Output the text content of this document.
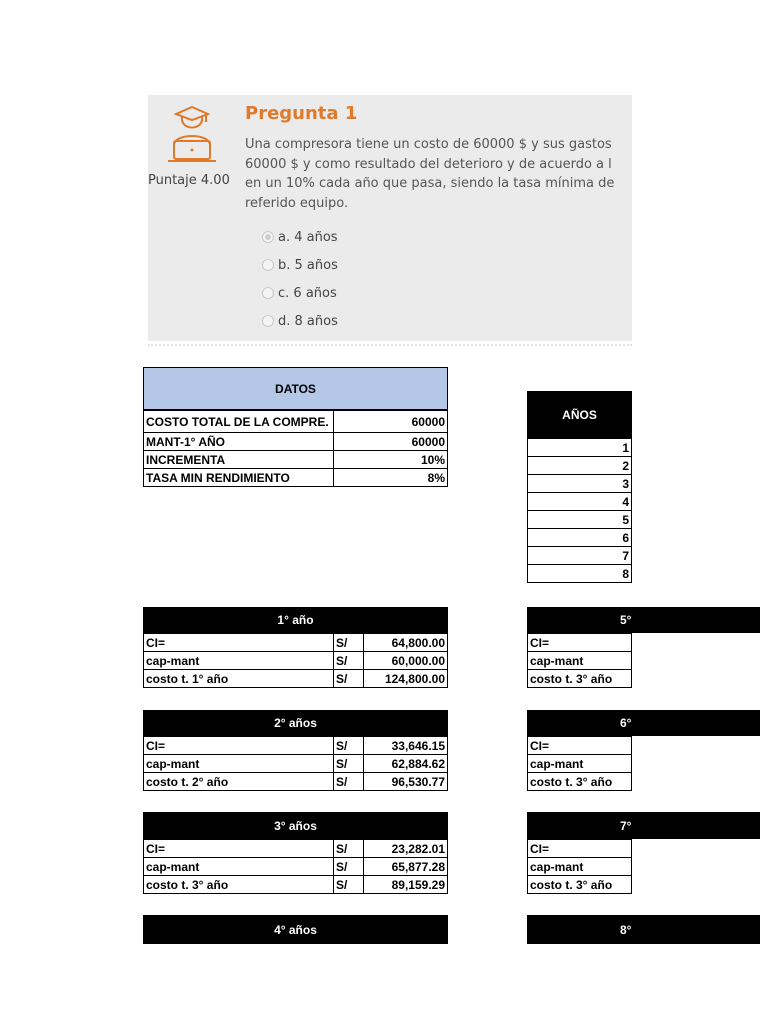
Puntaje 4.00
Pregunta 1
Una compresora tiene un costo de 60000 $ y sus gastos
60000 $ y como resultado del deterioro y de acuerdo a l
en un 10% cada año que pasa, siendo la tasa mínima de
referido equipo.
a. 4 años
b. 5 años
c. 6 años
d. 8 años
DATOS
COSTO TOTAL DE LA COMPRE.	60000
MANT-1° AÑO	60000
INCREMENTA	10%
TASA MIN RENDIMIENTO	8%
AÑOS
1
2
3
4
5
6
7
8
1° año
CI=	S/	64,800.00
cap-mant	S/	60,000.00
costo t. 1° año	S/	124,800.00
2° años
CI=	S/	33,646.15
cap-mant	S/	62,884.62
costo t. 2° año	S/	96,530.77
3° años
CI=	S/	23,282.01
cap-mant	S/	65,877.28
costo t. 3° año	S/	89,159.29
4° años
5°
CI=
cap-mant
costo t. 3° año
6°
CI=
cap-mant
costo t. 3° año
7°
CI=
cap-mant
costo t. 3° año
8°
